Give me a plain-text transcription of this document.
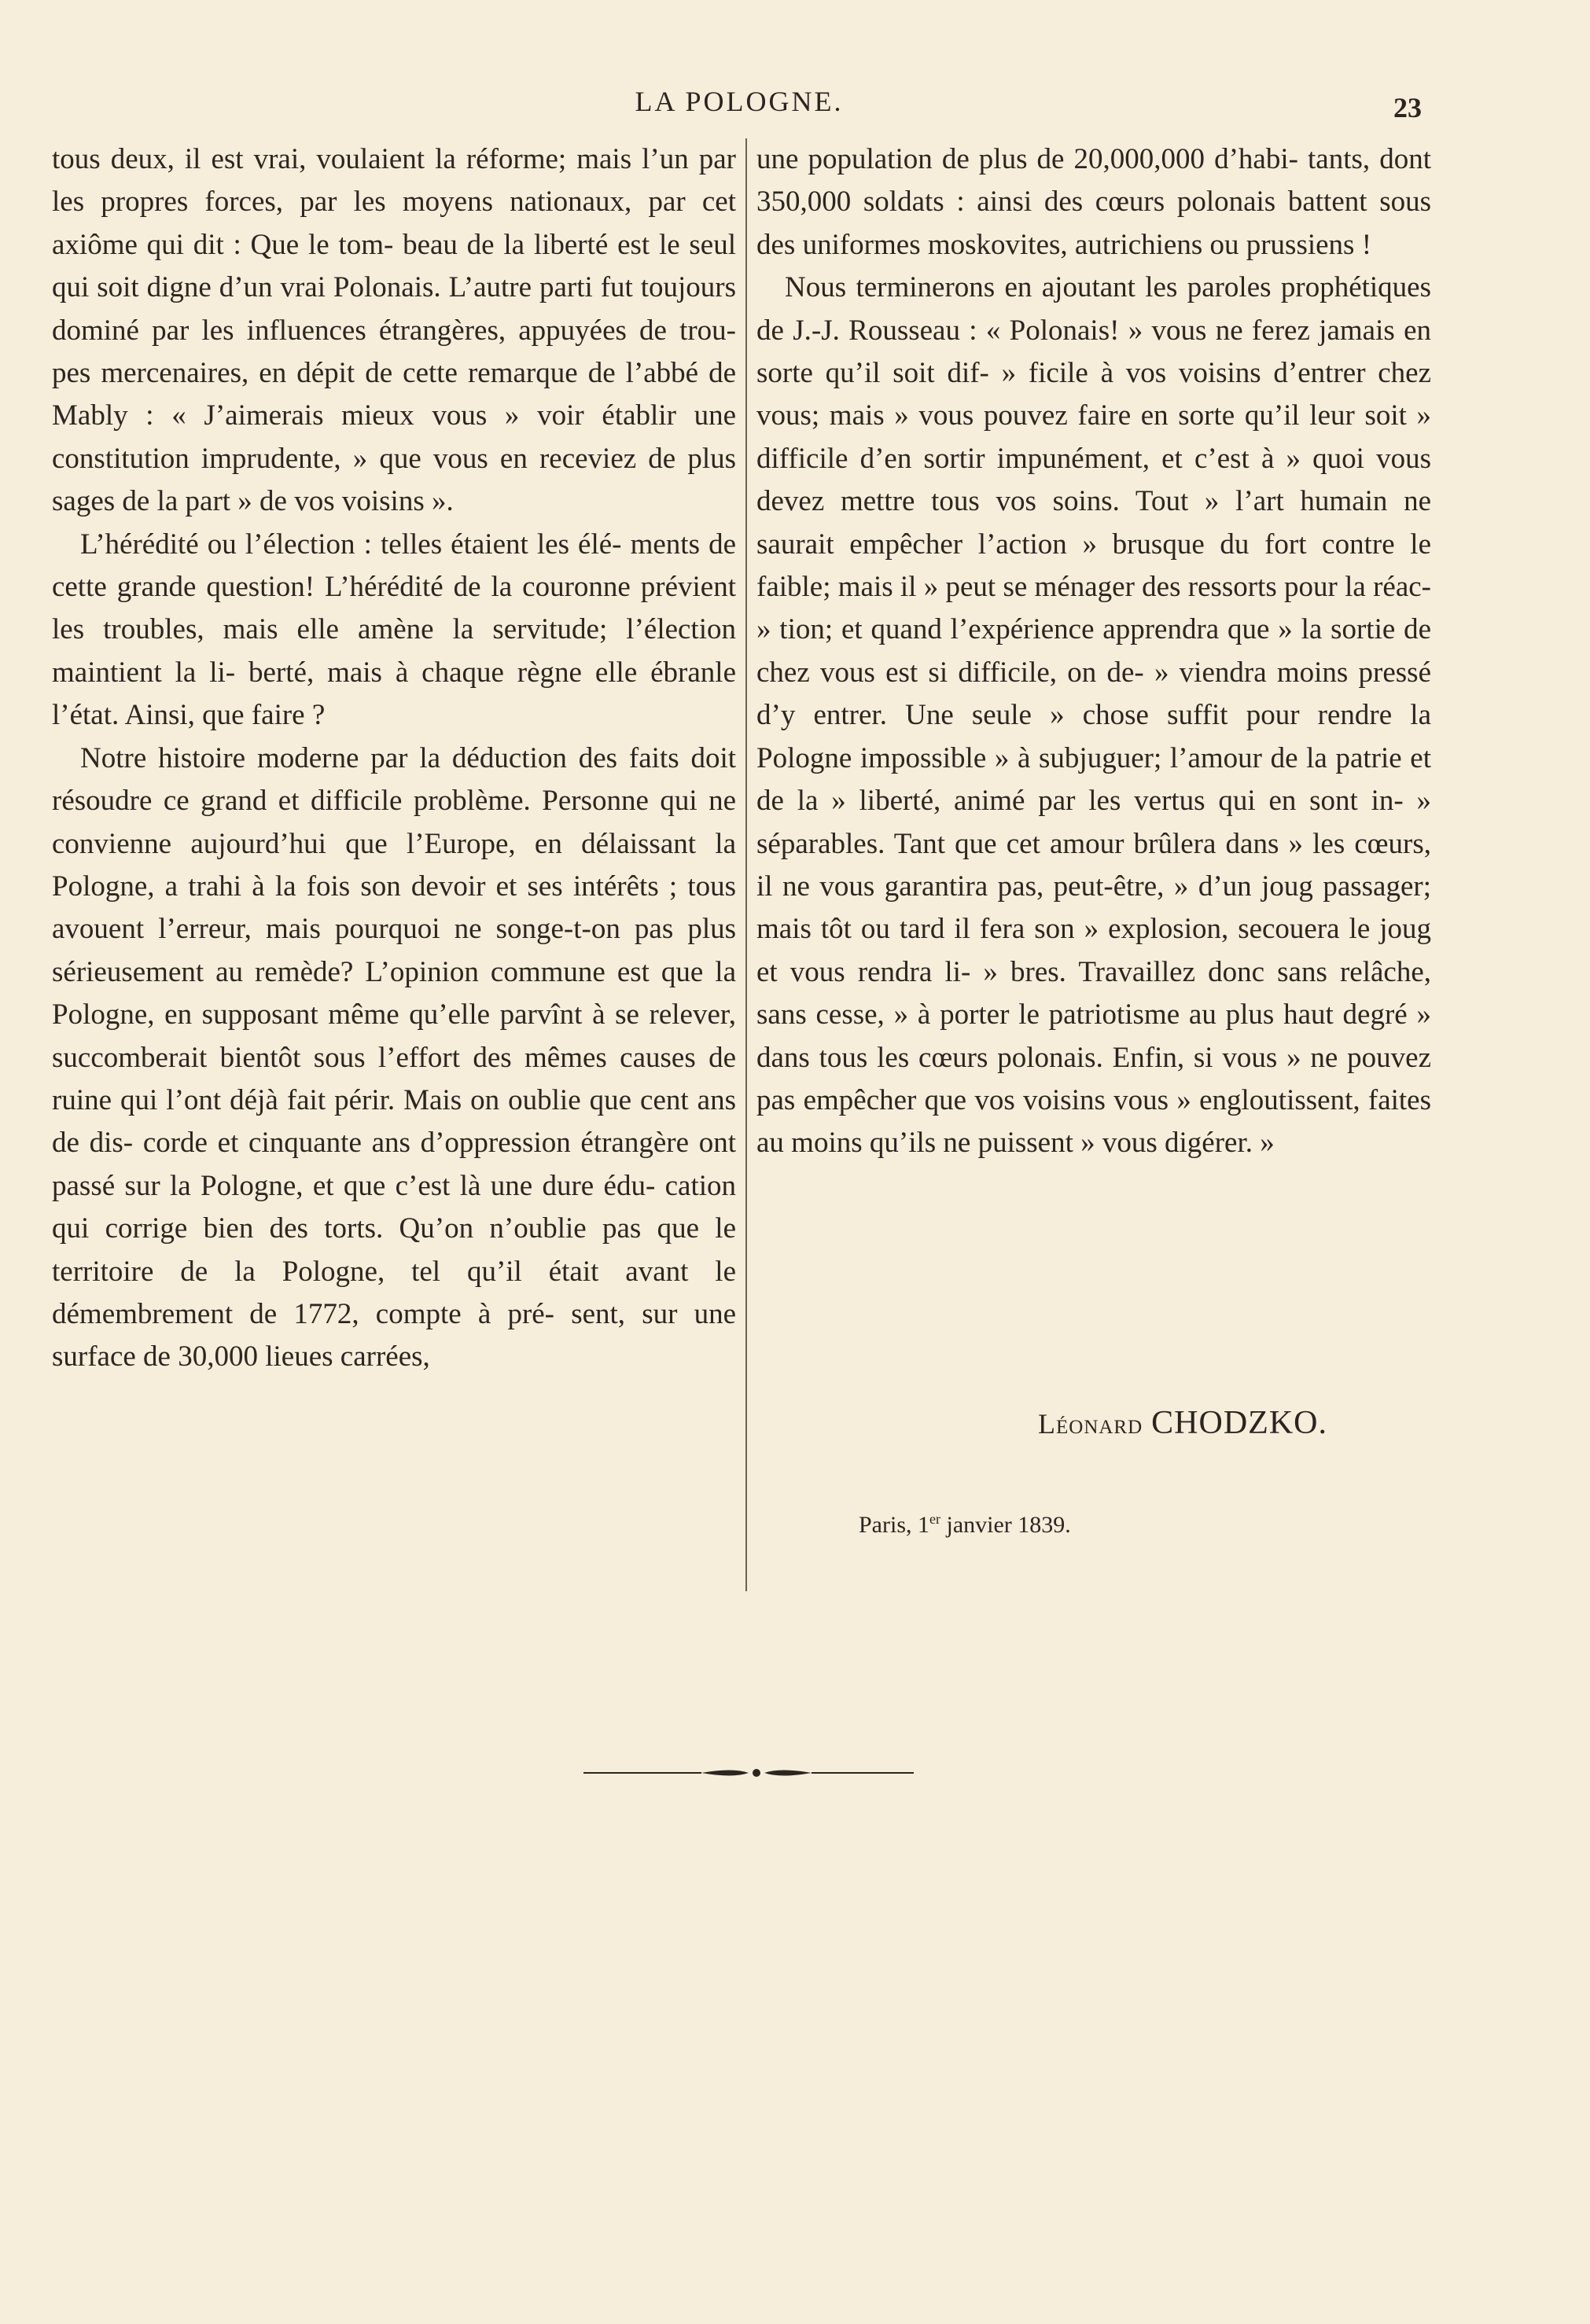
LA POLOGNE.	23

tous deux, il est vrai, voulaient la réforme; mais l’un par les propres forces, par les moyens nationaux, par cet axiôme qui dit : Que le tom- beau de la liberté est le seul qui soit digne d’un vrai Polonais. L’autre parti fut toujours dominé par les influences étrangères, appuyées de trou- pes mercenaires, en dépit de cette remarque de l’abbé de Mably : « J’aimerais mieux vous » voir établir une constitution imprudente, » que vous en receviez de plus sages de la part » de vos voisins ».

L’hérédité ou l’élection : telles étaient les élé- ments de cette grande question! L’hérédité de la couronne prévient les troubles, mais elle amène la servitude; l’élection maintient la li- berté, mais à chaque règne elle ébranle l’état. Ainsi, que faire ?

Notre histoire moderne par la déduction des faits doit résoudre ce grand et difficile problème. Personne qui ne convienne aujourd’hui que l’Europe, en délaissant la Pologne, a trahi à la fois son devoir et ses intérêts ; tous avouent l’erreur, mais pourquoi ne songe-t-on pas plus sérieusement au remède? L’opinion commune est que la Pologne, en supposant même qu’elle parvînt à se relever, succomberait bientôt sous l’effort des mêmes causes de ruine qui l’ont déjà fait périr. Mais on oublie que cent ans de dis- corde et cinquante ans d’oppression étrangère ont passé sur la Pologne, et que c’est là une dure édu- cation qui corrige bien des torts. Qu’on n’oublie pas que le territoire de la Pologne, tel qu’il était avant le démembrement de 1772, compte à pré- sent, sur une surface de 30,000 lieues carrées,

une population de plus de 20,000,000 d’habi- tants, dont 350,000 soldats : ainsi des cœurs polonais battent sous des uniformes moskovites, autrichiens ou prussiens !

Nous terminerons en ajoutant les paroles prophétiques de J.-J. Rousseau : « Polonais! » vous ne ferez jamais en sorte qu’il soit dif- » ficile à vos voisins d’entrer chez vous; mais » vous pouvez faire en sorte qu’il leur soit » difficile d’en sortir impunément, et c’est à » quoi vous devez mettre tous vos soins. Tout » l’art humain ne saurait empêcher l’action » brusque du fort contre le faible; mais il » peut se ménager des ressorts pour la réac- » tion; et quand l’expérience apprendra que » la sortie de chez vous est si difficile, on de- » viendra moins pressé d’y entrer. Une seule » chose suffit pour rendre la Pologne impossible » à subjuguer; l’amour de la patrie et de la » liberté, animé par les vertus qui en sont in- » séparables. Tant que cet amour brûlera dans » les cœurs, il ne vous garantira pas, peut-être, » d’un joug passager; mais tôt ou tard il fera son » explosion, secouera le joug et vous rendra li- » bres. Travaillez donc sans relâche, sans cesse, » à porter le patriotisme au plus haut degré » dans tous les cœurs polonais. Enfin, si vous » ne pouvez pas empêcher que vos voisins vous » engloutissent, faites au moins qu’ils ne puissent » vous digérer. »

Léonard CHODZKO.
Paris, 1er janvier 1839.
